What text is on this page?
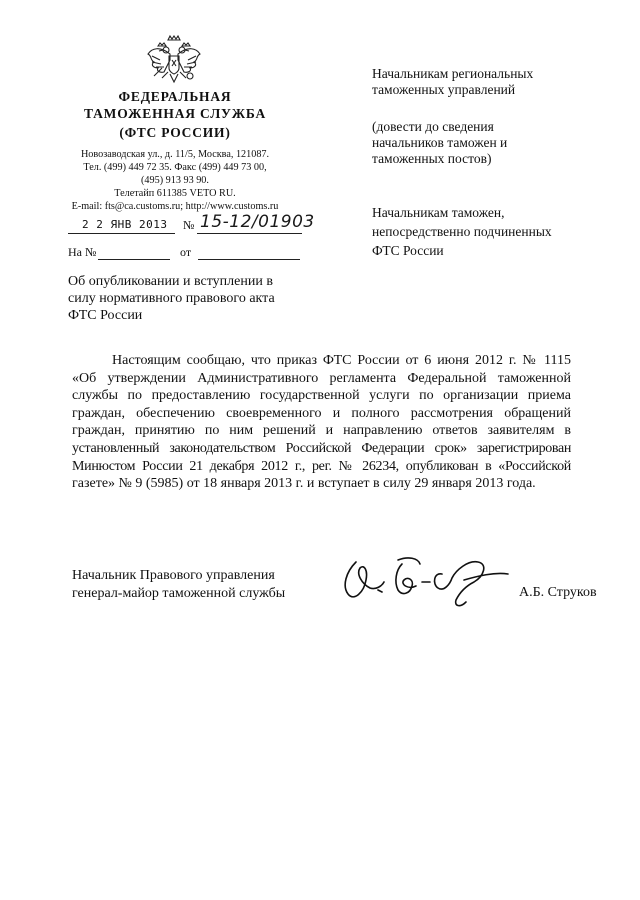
ФЕДЕРАЛЬНАЯ
ТАМОЖЕННАЯ СЛУЖБА
(ФТС РОССИИ)
Новозаводская ул., д. 11/5, Москва, 121087.
Тел. (499) 449 72 35. Факс (499) 449 73 00,
(495) 913 93 90.
Телетайп 611385 VETO RU.
E-mail: fts@ca.customs.ru; http://www.customs.ru
2 2 ЯНВ 2013 № 15-12/01903
На №	от
Начальникам региональных
таможенных управлений
(довести до сведения
начальников таможен и
таможенных постов)
Начальникам таможен,
непосредственно подчиненных
ФТС России
Об опубликовании и вступлении в
силу нормативного правового акта
ФТС России
Настоящим сообщаю, что приказ ФТС России от 6 июня 2012 г. № 1115
«Об утверждении Административного регламента Федеральной таможенной
службы по предоставлению государственной услуги по организации приема
граждан, обеспечению своевременного и полного рассмотрения обращений
граждан, принятию по ним решений и направлению ответов заявителям в
установленный законодательством Российской Федерации срок» зарегистрирован
Минюстом России 21 декабря 2012 г., рег. № 26234, опубликован в «Российской
газете» № 9 (5985) от 18 января 2013 г. и вступает в силу 29 января 2013 года.
Начальник Правового управления
генерал-майор таможенной службы	А.Б. Струков
